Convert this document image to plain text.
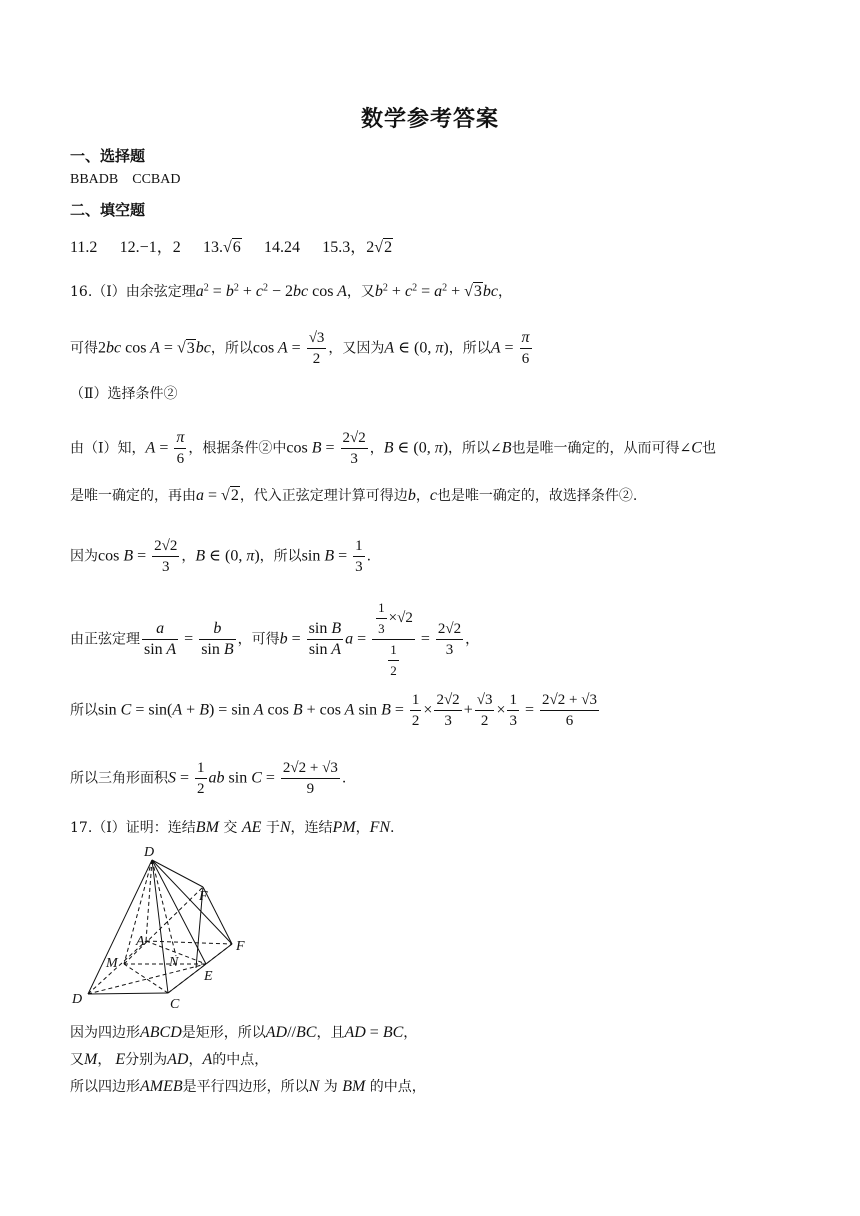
数学参考答案
一、选择题
BBADB    CCBAD
二、填空题
11.2 12.−1，2 13.√6 14.24 15.3，2√2
16.（Ⅰ）由余弦定理$a^2 = b^2 + c^2 - 2bc$ cos A，又$b^2 + c^2 = a^2 + √3bc$，
可得2bc cos A = √3bc，所以$\cos A = \frac{√3}{2}$ ，又因为A ∈ (0, π)，所以$A = \frac{\pi}{6}$
（Ⅱ）选择条件②
由（Ⅰ）知，$A = \frac{\pi}{6}$ ，根据条件②中$\cos B = \frac{2√2}{3}$ ，B ∈ (0, π)，所以∠B也是唯一确定的，从而可得∠C也
是唯一确定的，再由a = √2，代入正弦定理计算可得边b，c也是唯一确定的，故选择条件②.
因为$\cos B = \frac{2√2}{3}$ ，B ∈ (0, π)，所以$\sin B = \frac{1}{3}$ .
由正弦定理 $\frac{a}{\text{sin A}} = \frac{b}{\text{sin B}}$ ，可得$b = \frac{\text{sin B}}{\text{sin A}}$ $a = \frac{\frac{1}{3} \times√2}{\frac{1}{2}} = \frac{2√2}{3}$ ，
所以sin C = sin(A + B) = sin A cos B + cos A $\sin B = \frac{1}{2} \times \frac{2√2}{3} + \frac{√3}{2} \times \frac{1}{3} = \frac{2√2 + √3}{6}$
所以三角形面积$S = \frac{1}{2}$ ab $\sin C = \frac{2√2 + √3}{9}$ .
17.（Ⅰ）证明：连结BM 交 AE 于N，连结PM，FN.
D
F
A	F
M	N
E
D	C
因为四边形ABCD是矩形，所以AD//BC，且AD = BC，
又M， E分别为AD，A的中点，
所以四边形AMEB是平行四边形，所以N 为 BM 的中点，
